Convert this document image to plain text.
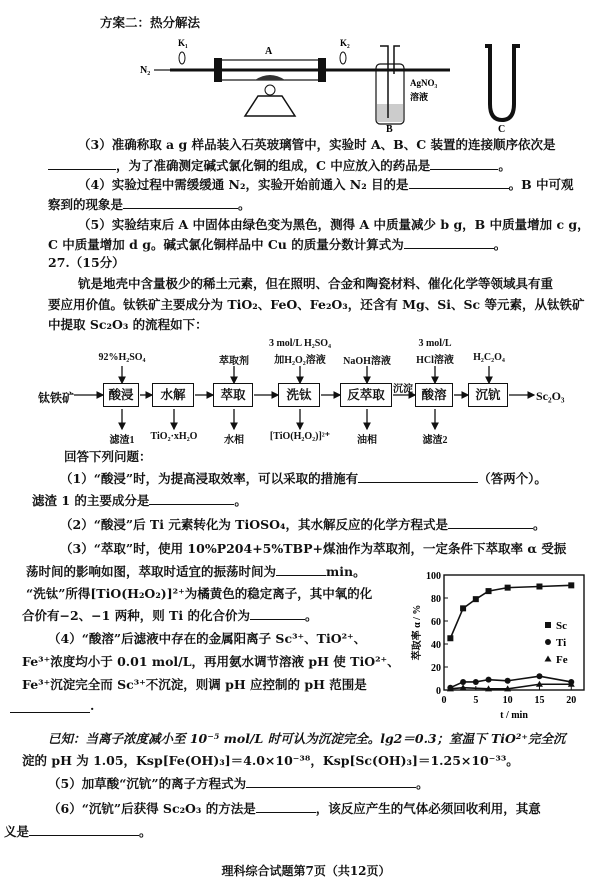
方案二：热分解法
N₂
K₁
A
K₂
AgNO₃
溶液
B	C
（3）准确称取 a g 样品装入石英玻璃管中，实验时 A、B、C 装置的连接顺序依次是
，为了准确测定碱式氯化铜的组成，C 中应放入的药品是	。
（4）实验过程中需缓缓通 N₂，实验开始前通入 N₂ 目的是	。B 中可观
察到的现象是	。
（5）实验结束后 A 中固体由绿色变为黑色，测得 A 中质量减少 b g，B 中质量增加 c g，
C 中质量增加 d g。碱式氯化铜样品中 Cu 的质量分数计算式为	。
27.（15分）
钪是地壳中含量极少的稀土元素，但在照明、合金和陶瓷材料、催化化学等领域具有重
要应用价值。钛铁矿主要成分为 TiO₂、FeO、Fe₂O₃，还含有 Mg、Si、Sc 等元素，从钛铁矿
中提取 Sc₂O₃ 的流程如下：
钛铁矿	Sc₂O₃
沉淀
酸浸
92%H₂SO₄
滤渣1
水解
TiO₂·xH₂O
萃取
萃取剂
水相
洗钛
3 mol/L H₂SO₄
加H₂O₂溶液
[TiO(H₂O₂)]²⁺
反萃取
NaOH溶液
油相
酸溶
3 mol/L
HCl溶液
滤渣2
沉钪
H₂C₂O₄
回答下列问题：
（1）“酸浸”时，为提高浸取效率，可以采取的措施有	（答两个）。
滤渣 1 的主要成分是	。
（2）“酸浸”后 Ti 元素转化为 TiOSO₄，其水解反应的化学方程式是	。
（3）“萃取”时，使用 10%P204+5%TBP+煤油作为萃取剂，一定条件下萃取率 α 受振
荡时间的影响如图，萃取时适宜的振荡时间为	min。
“洗钛”所得[TiO(H₂O₂)]²⁺为橘黄色的稳定离子，其中氧的化
合价有−2、−1 两种，则 Ti 的化合价为	。
（4）“酸溶”后滤液中存在的金属阳离子 Sc³⁺、TiO²⁺、
Fe³⁺浓度均小于 0.01 mol/L，再用氨水调节溶液 pH 使 TiO²⁺、
Fe³⁺沉淀完全而 Sc³⁺不沉淀，则调 pH 应控制的 pH 范围是
·
已知：当离子浓度减小至 10⁻⁵ mol/L 时可认为沉淀完全。lg2＝0.3；室温下 TiO²⁺完全沉
淀的 pH 为 1.05，Ksp[Fe(OH)₃]＝4.0×10⁻³⁸，Ksp[Sc(OH)₃]＝1.25×10⁻³³。
（5）加草酸“沉钪”的离子方程式为	。
（6）“沉钪”后获得 Sc₂O₃ 的方法是	，该反应产生的气体必须回收利用，其意
义是	。
理科综合试题第7页（共12页）
0
20
40
60
80
100
0	5 10 15 20
t / min
萃取率 α / %	Sc
Ti
Fe
